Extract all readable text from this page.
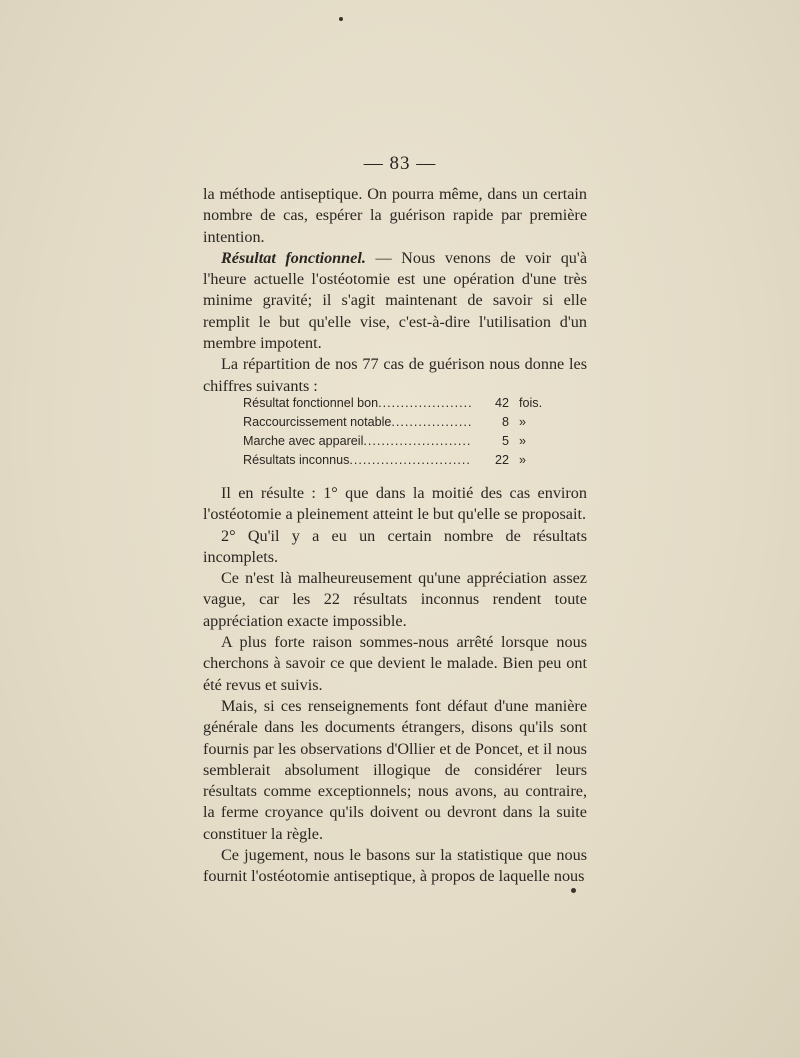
— 83 —

la méthode antiseptique. On pourra même, dans un certain nombre de cas, espérer la guérison rapide par première intention.

Résultat fonctionnel. — Nous venons de voir qu'à l'heure actuelle l'ostéotomie est une opération d'une très minime gravité; il s'agit maintenant de savoir si elle remplit le but qu'elle vise, c'est-à-dire l'utilisation d'un membre impotent.

La répartition de nos 77 cas de guérison nous donne les chiffres suivants :

Résultat fonctionnel bon .....	42 fois.
Raccourcissement notable .....	8 »
Marche avec appareil .....	5 »
Résultats inconnus .....	22 »

Il en résulte : 1° que dans la moitié des cas environ l'ostéotomie a pleinement atteint le but qu'elle se proposait.

2° Qu'il y a eu un certain nombre de résultats incomplets.

Ce n'est là malheureusement qu'une appréciation assez vague, car les 22 résultats inconnus rendent toute appréciation exacte impossible.

A plus forte raison sommes-nous arrêté lorsque nous cherchons à savoir ce que devient le malade. Bien peu ont été revus et suivis.

Mais, si ces renseignements font défaut d'une manière générale dans les documents étrangers, disons qu'ils sont fournis par les observations d'Ollier et de Poncet, et il nous semblerait absolument illogique de considérer leurs résultats comme exceptionnels; nous avons, au contraire, la ferme croyance qu'ils doivent ou devront dans la suite constituer la règle.

Ce jugement, nous le basons sur la statistique que nous fournit l'ostéotomie antiseptique, à propos de laquelle nous
